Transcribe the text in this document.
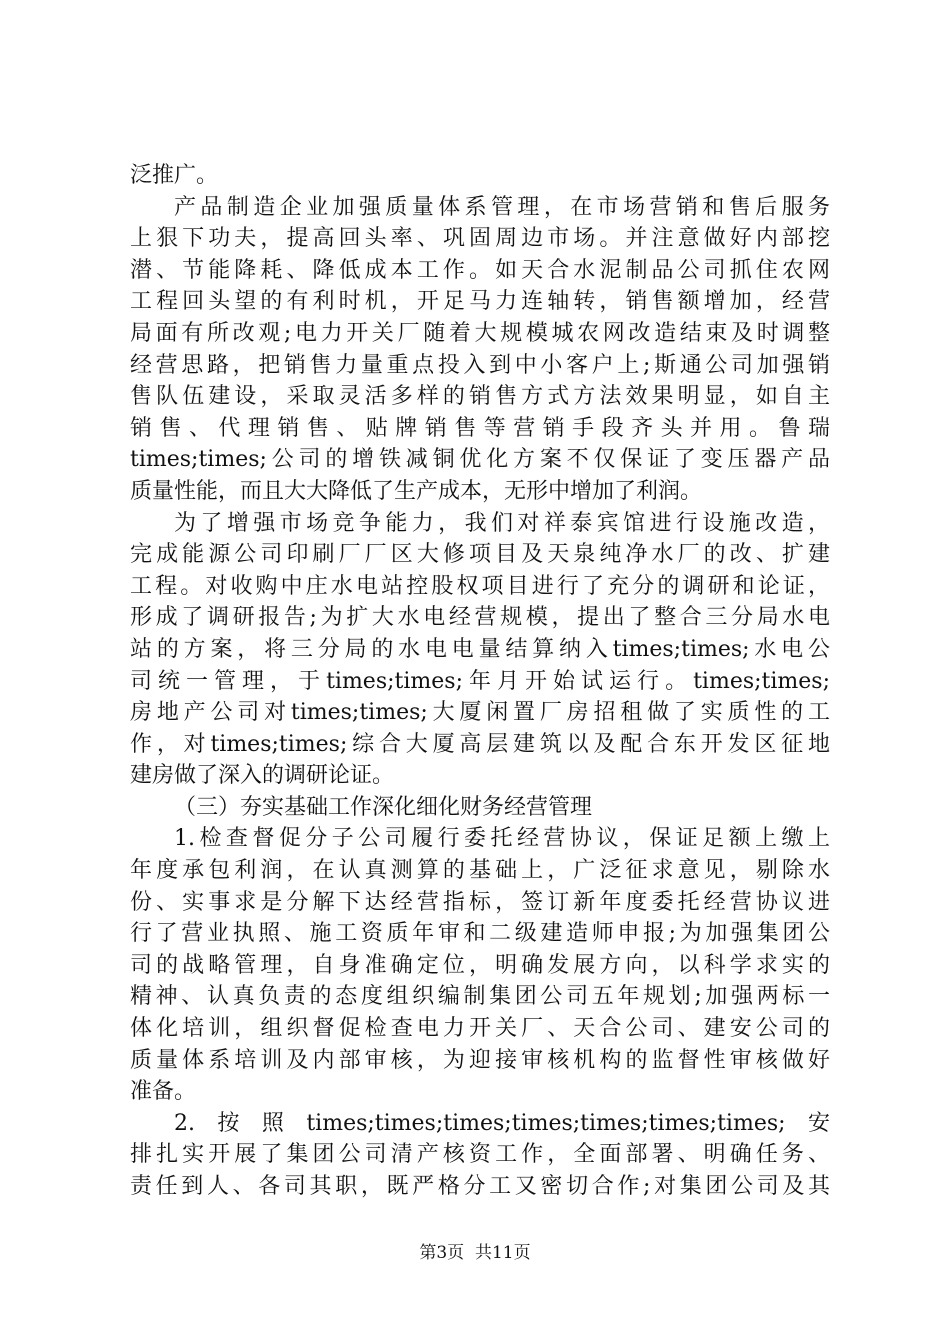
泛推广。
产品制造企业加强质量体系管理，在市场营销和售后服务
上狠下功夫，提高回头率、巩固周边市场。并注意做好内部挖
潜、节能降耗、降低成本工作。如天合水泥制品公司抓住农网
工程回头望的有利时机，开足马力连轴转，销售额增加，经营
局面有所改观;电力开关厂随着大规模城农网改造结束及时调整
经营思路，把销售力量重点投入到中小客户上;斯通公司加强销
售队伍建设，采取灵活多样的销售方式方法效果明显，如自主
销售、代理销售、贴牌销售等营销手段齐头并用。鲁瑞
times;times;公司的增铁减铜优化方案不仅保证了变压器产品
质量性能，而且大大降低了生产成本，无形中增加了利润。
为了增强市场竞争能力，我们对祥泰宾馆进行设施改造，
完成能源公司印刷厂厂区大修项目及天泉纯净水厂的改、扩建
工程。对收购中庄水电站控股权项目进行了充分的调研和论证，
形成了调研报告;为扩大水电经营规模，提出了整合三分局水电
站的方案，将三分局的水电电量结算纳入times;times;水电公
司统一管理，于times;times;年月开始试运行。times;times;
房地产公司对times;times;大厦闲置厂房招租做了实质性的工
作，对times;times;综合大厦高层建筑以及配合东开发区征地
建房做了深入的调研论证。
（三）夯实基础工作深化细化财务经营管理
1.检查督促分子公司履行委托经营协议，保证足额上缴上
年度承包利润，在认真测算的基础上，广泛征求意见，剔除水
份、实事求是分解下达经营指标，签订新年度委托经营协议进
行了营业执照、施工资质年审和二级建造师申报;为加强集团公
司的战略管理，自身准确定位，明确发展方向，以科学求实的
精神、认真负责的态度组织编制集团公司五年规划;加强两标一
体化培训，组织督促检查电力开关厂、天合公司、建安公司的
质量体系培训及内部审核，为迎接审核机构的监督性审核做好
准备。
2.按照times;times;times;times;times;times;times;安
排扎实开展了集团公司清产核资工作，全面部署、明确任务、
责任到人、各司其职，既严格分工又密切合作;对集团公司及其
第3页  共11页
